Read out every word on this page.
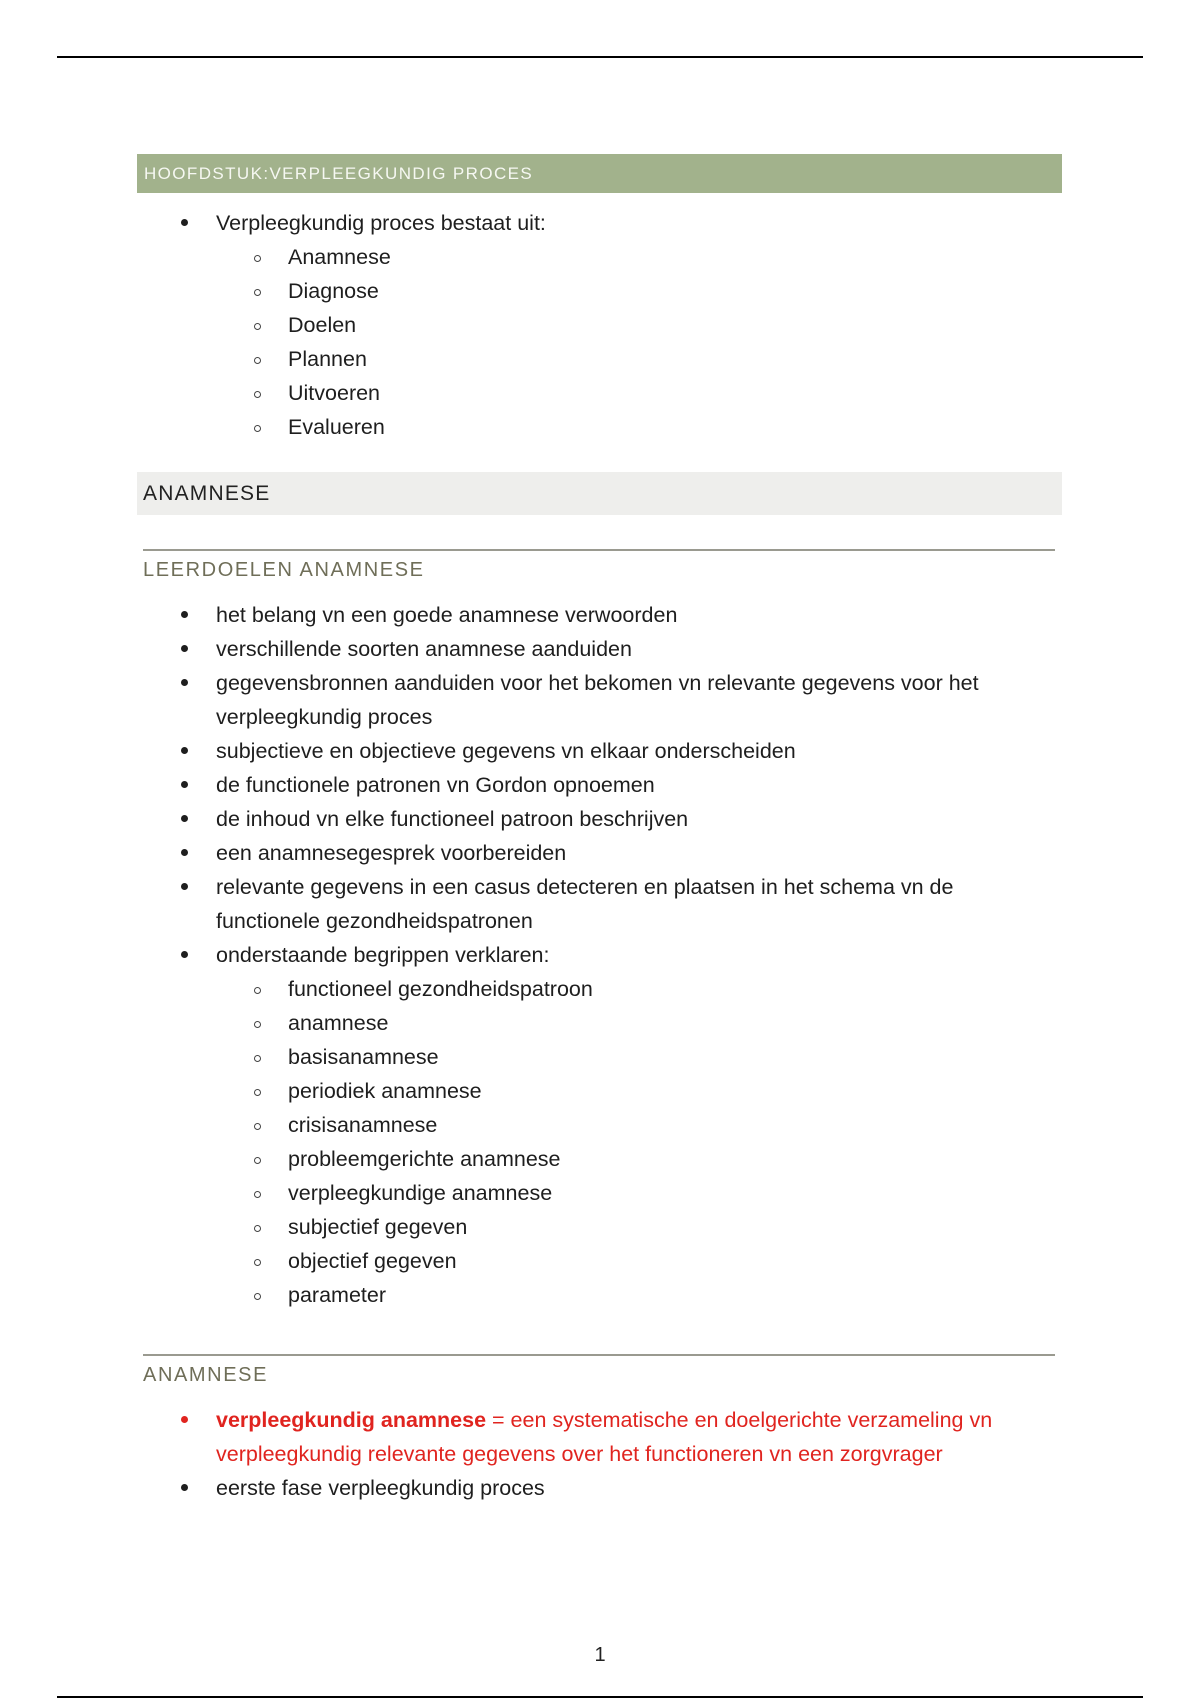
HOOFDSTUK:VERPLEEGKUNDIG PROCES
Verpleegkundig proces bestaat uit:
Anamnese
Diagnose
Doelen
Plannen
Uitvoeren
Evalueren
ANAMNESE
LEERDOELEN ANAMNESE
het belang vn een goede anamnese verwoorden
verschillende soorten anamnese aanduiden
gegevensbronnen aanduiden voor het bekomen vn relevante gegevens voor het
verpleegkundig proces
subjectieve en objectieve gegevens vn elkaar onderscheiden
de functionele patronen vn Gordon opnoemen
de inhoud vn elke functioneel patroon beschrijven
een anamnesegesprek voorbereiden
relevante gegevens in een casus detecteren en plaatsen in het schema vn de
functionele gezondheidspatronen
onderstaande begrippen verklaren:
functioneel gezondheidspatroon
anamnese
basisanamnese
periodiek anamnese
crisisanamnese
probleemgerichte anamnese
verpleegkundige anamnese
subjectief gegeven
objectief gegeven
parameter
ANAMNESE
verpleegkundig anamnese = een systematische en doelgerichte verzameling vn
verpleegkundig relevante gegevens over het functioneren vn een zorgvrager
eerste fase verpleegkundig proces
1
